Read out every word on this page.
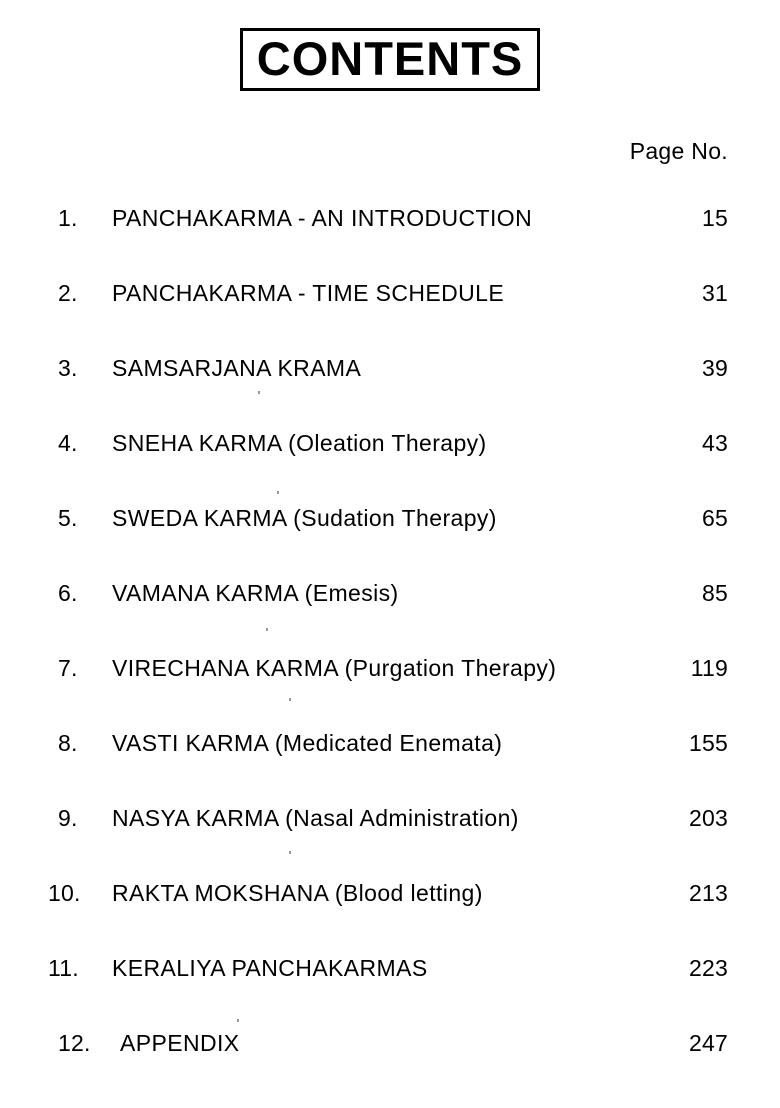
CONTENTS
Page No.
1.	PANCHAKARMA - AN INTRODUCTION	15
2.	PANCHAKARMA - TIME SCHEDULE	31
3.	SAMSARJANA KRAMA	39
4.	SNEHA KARMA (Oleation Therapy)	43
5.	SWEDA KARMA (Sudation Therapy)	65
6.	VAMANA KARMA (Emesis)	85
7.	VIRECHANA KARMA (Purgation Therapy)	119
8.	VASTI KARMA (Medicated Enemata)	155
9.	NASYA KARMA (Nasal Administration)	203
10.	RAKTA MOKSHANA (Blood letting)	213
11.	KERALIYA PANCHAKARMAS	223
12.	APPENDIX	247
